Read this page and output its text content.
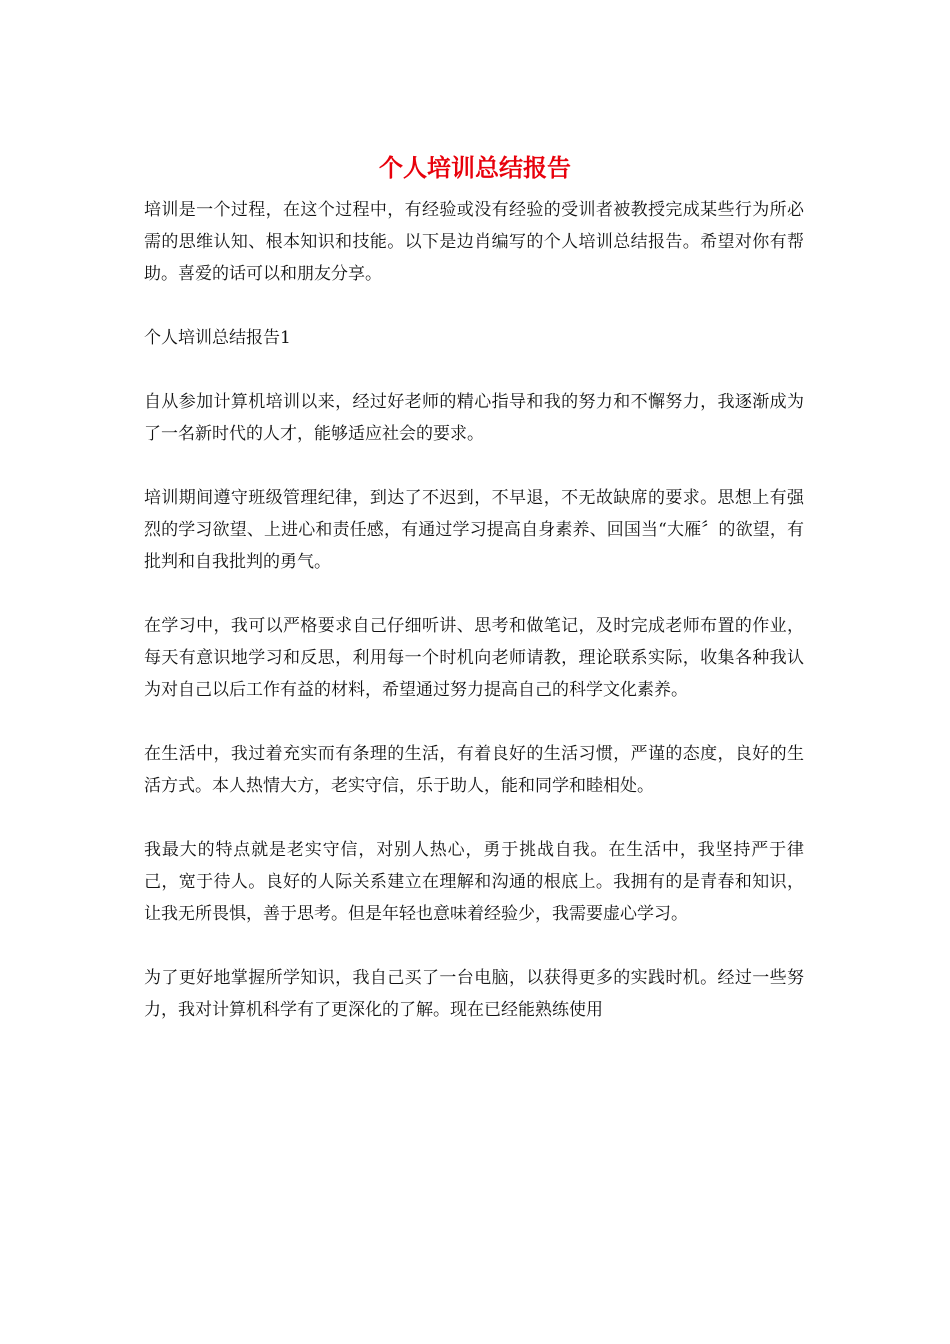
个人培训总结报告

培训是一个过程，在这个过程中，有经验或没有经验的受训者被教授完成某些行为所必需的思维认知、根本知识和技能。以下是边肖编写的个人培训总结报告。希望对你有帮助。喜爱的话可以和朋友分享。

个人培训总结报告1

自从参加计算机培训以来，经过好老师的精心指导和我的努力和不懈努力，我逐渐成为了一名新时代的人才，能够适应社会的要求。

培训期间遵守班级管理纪律，到达了不迟到，不早退，不无故缺席的要求。思想上有强烈的学习欲望、上进心和责任感，有通过学习提高自身素养、回国当“大雁〞的欲望，有批判和自我批判的勇气。

在学习中，我可以严格要求自己仔细听讲、思考和做笔记，及时完成老师布置的作业，每天有意识地学习和反思，利用每一个时机向老师请教，理论联系实际，收集各种我认为对自己以后工作有益的材料，希望通过努力提高自己的科学文化素养。

在生活中，我过着充实而有条理的生活，有着良好的生活习惯，严谨的态度，良好的生活方式。本人热情大方，老实守信，乐于助人，能和同学和睦相处。

我最大的特点就是老实守信，对别人热心，勇于挑战自我。在生活中，我坚持严于律己，宽于待人。良好的人际关系建立在理解和沟通的根底上。我拥有的是青春和知识，让我无所畏惧，善于思考。但是年轻也意味着经验少，我需要虚心学习。

为了更好地掌握所学知识，我自己买了一台电脑，以获得更多的实践时机。经过一些努力，我对计算机科学有了更深化的了解。现在已经能熟练使用
